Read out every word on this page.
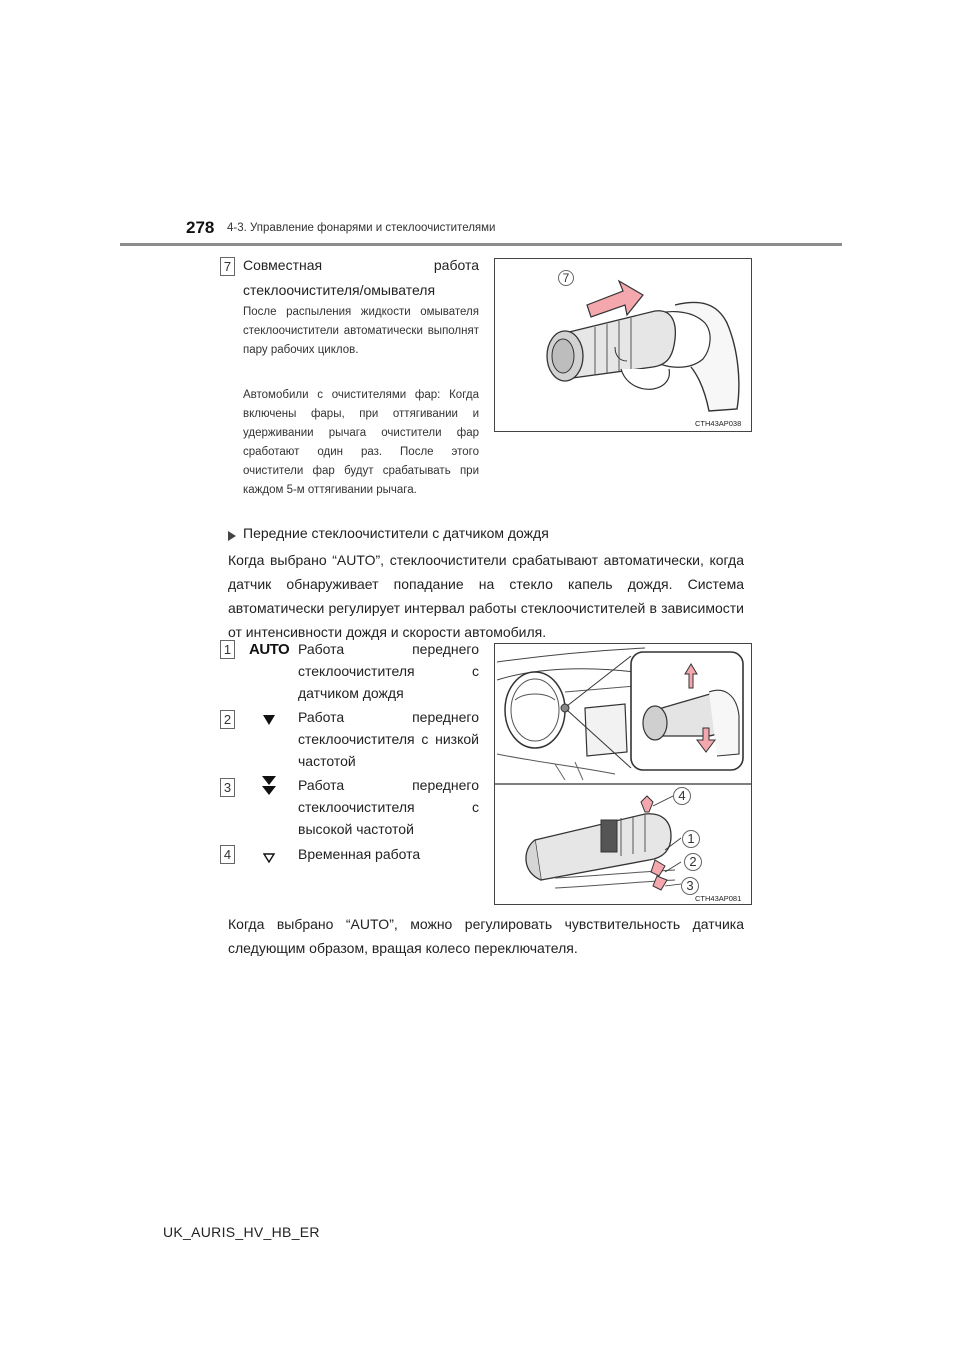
278 4-3. Управление фонарями и стеклоочистителями
7 Совместная работа стеклоочистителя/омывателя

После распыления жидкости омывателя стеклоочистители автоматически выполнят пару рабочих циклов.

Автомобили с очистителями фар: Когда включены фары, при оттягивании и удерживании рычага очистители фар сработают один раз. После этого очистители фар будут срабатывать при каждом 5-м оттягивании рычага.

7
CTH43AP038
Передние стеклоочистители с датчиком дождя

Когда выбрано “AUTO”, стеклоочистители срабатывают автоматически, когда датчик обнаруживает попадание на стекло капель дождя. Система автоматически регулирует интервал работы стеклоочистителей в зависимости от интенсивности дождя и скорости автомобиля.

1 AUTO Работа переднего стеклоочистителя с датчиком дождя
2	Работа переднего стеклоочистителя с низкой частотой
3	Работа переднего стеклоочистителя с высокой частотой
4	Временная работа
4
1
2
3
CTH43AP081

Когда выбрано “AUTO”, можно регулировать чувствительность датчика следующим образом, вращая колесо переключателя.

UK_AURIS_HV_HB_ER
